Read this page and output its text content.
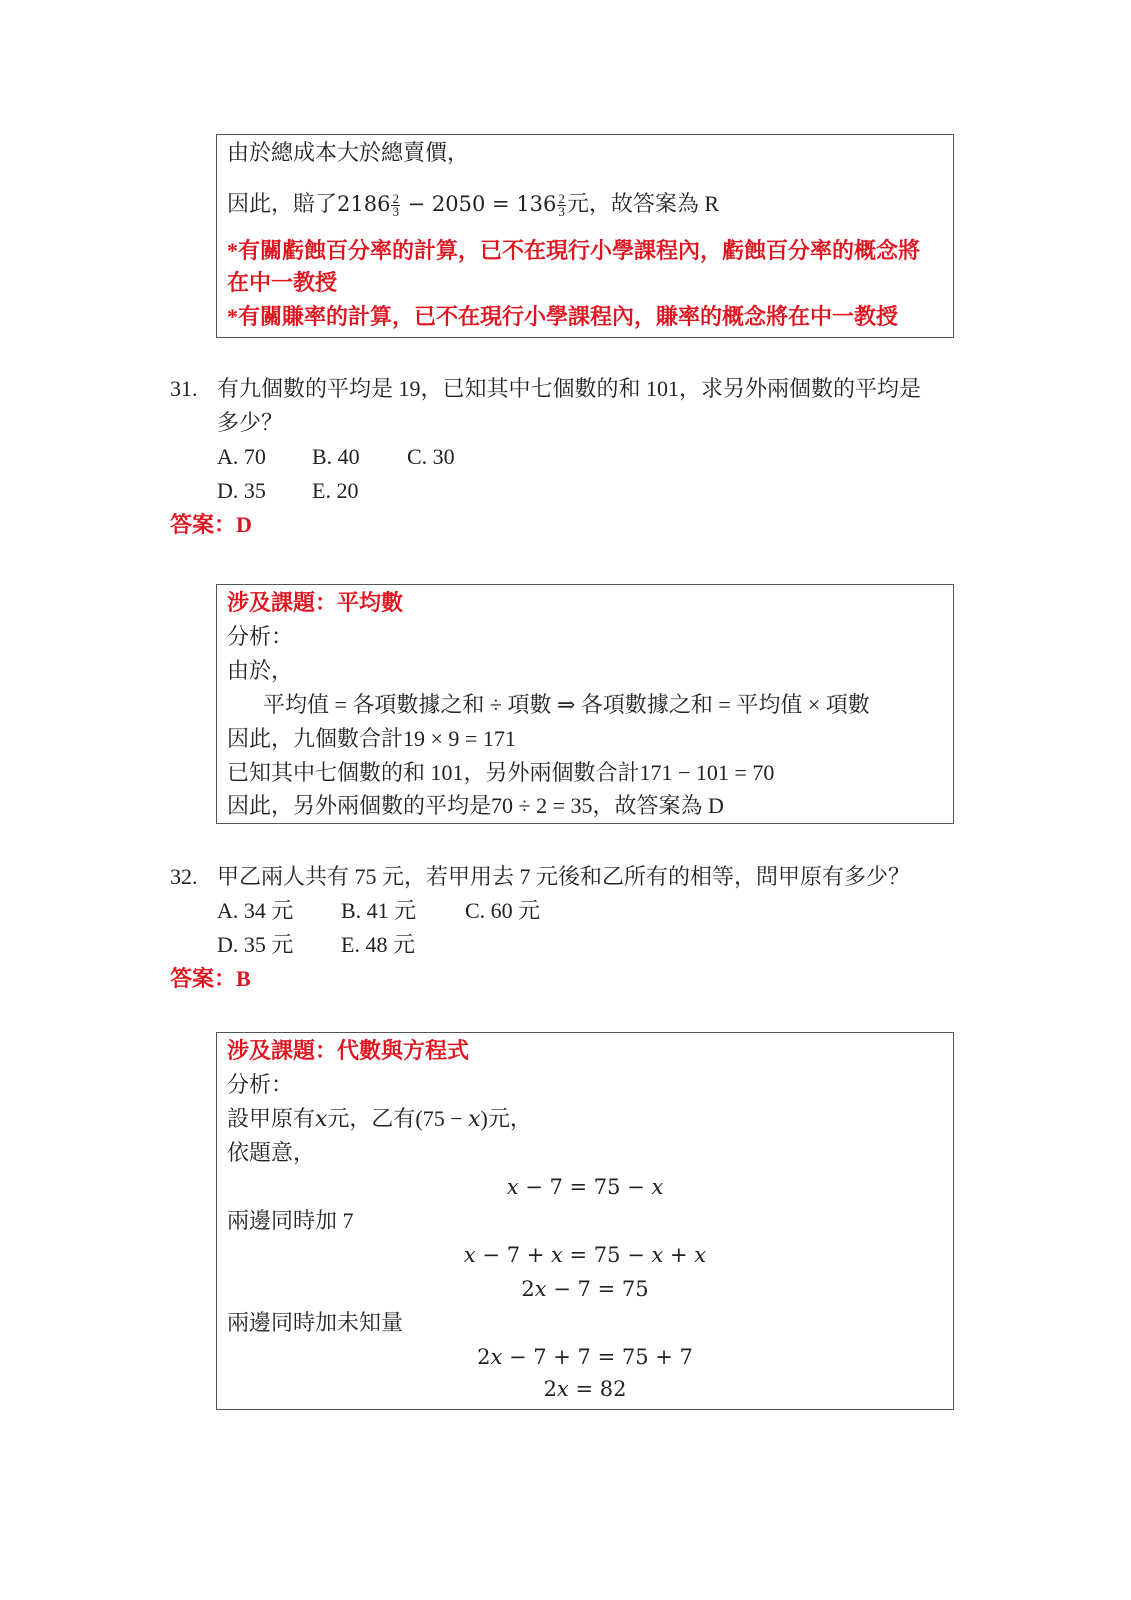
由於總成本大於總賣價，
因此，賠了$2186 \frac{2}{3} - 2050 = 136 \frac{2}{3}$ 元，故答案為 R
*有關虧蝕百分率的計算，已不在現行小學課程內，虧蝕百分率的概念將
在中一教授
*有關賺率的計算，已不在現行小學課程內，賺率的概念將在中一教授
31. 有九個數的平均是 19，已知其中七個數的和 101，求另外兩個數的平均是
多少？
A. 70 B. 40 C. 30
D. 35 E. 20
答案：D
涉及課題：平均數
分析：
由於，
平均值 = 各項數據之和 ÷ 項數 ⇒ 各項數據之和 = 平均值 × 項數
因此，九個數合計19 × 9 = 171
已知其中七個數的和 101，另外兩個數合計171 − 101 = 70
因此，另外兩個數的平均是70 ÷ 2 = 35，故答案為 D
32. 甲乙兩人共有 75 元，若甲用去 7 元後和乙所有的相等，問甲原有多少？
A. 34 元 B. 41 元 C. 60 元
D. 35 元 E. 48 元
答案：B
涉及課題：代數與方程式
分析：
設甲原有𝑥元，乙有(75 − 𝑥)元，
依題意，
𝑥 − 7 = 75 − 𝑥
兩邊同時加 7
𝑥 − 7 + 𝑥 = 75 − 𝑥 + 𝑥
2𝑥 − 7 = 75
兩邊同時加未知量
2𝑥 − 7 + 7 = 75 + 7
2𝑥 = 82
